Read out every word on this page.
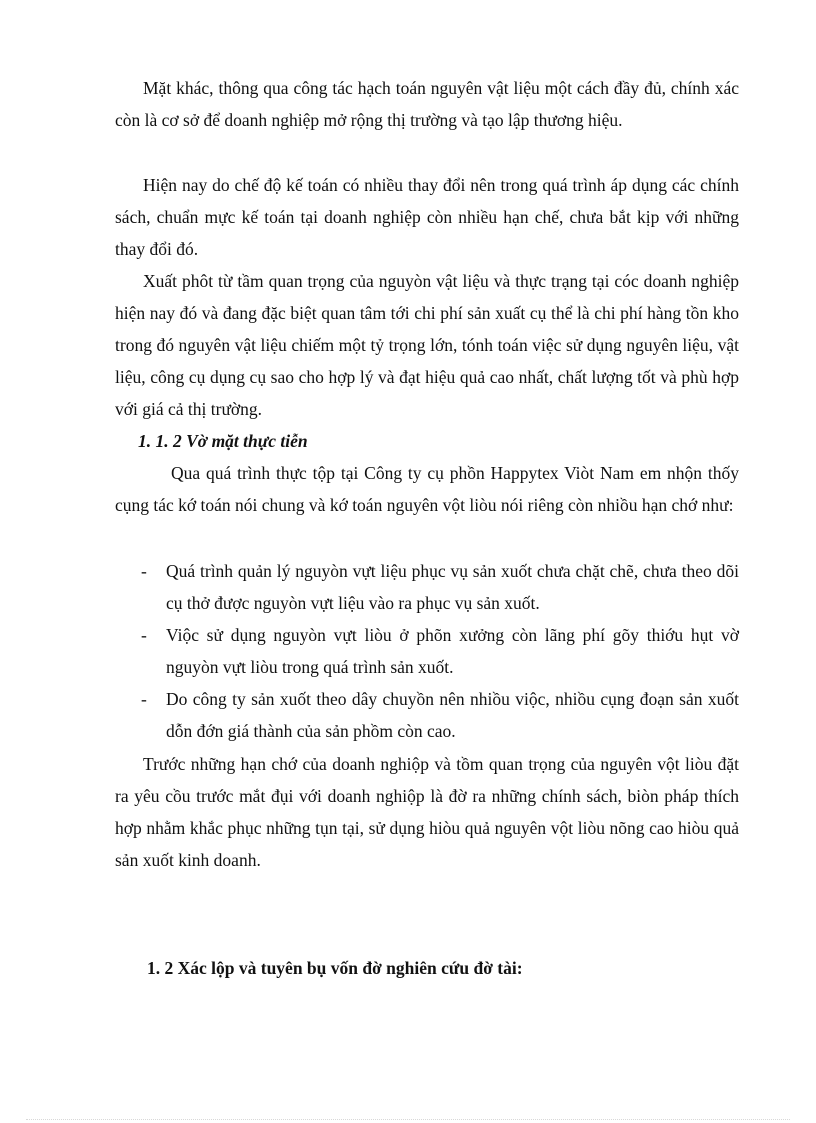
Mặt khác, thông qua công tác hạch toán nguyên vật liệu một cách đầy đủ, chính xác còn là cơ sở để doanh nghiệp mở rộng thị trường và tạo lập thương hiệu.

Hiện nay do chế độ kế toán có nhiều thay đổi nên trong quá trình áp dụng các chính sách, chuẩn mực kế toán tại doanh nghiệp còn nhiều hạn chế, chưa bắt kịp với những thay đổi đó.

Xuất phôt từ tầm quan trọng của nguyòn vật liệu và thực trạng tại cóc doanh nghiệp hiện nay đó và đang đặc biệt quan tâm tới chi phí sản xuất cụ thể là chi phí hàng tồn kho trong đó nguyên vật liệu chiếm một tỷ trọng lớn, tónh toán việc sử dụng nguyên liệu, vật liệu, công cụ dụng cụ sao cho hợp lý và đạt hiệu quả cao nhất, chất lượng tốt và phù hợp với giá cả thị trường.

1. 1. 2 Vờ mặt thực tiễn

Qua quá trình thực tộp tại Công ty cụ phồn Happytex Viòt Nam em nhộn thốy cụng tác kớ toán nói chung và kớ toán nguyên vột liòu nói riêng còn nhiồu hạn chớ như:

- Quá trình quản lý nguyòn vựt liệu phục vụ sản xuốt chưa chặt chẽ, chưa theo dõi cụ thở được nguyòn vựt liệu vào ra phục vụ sản xuốt.
- Viộc sử dụng nguyòn vựt liòu ở phõn xưởng còn lãng phí gõy thiớu hụt vờ nguyòn vựt liòu trong quá trình sản xuốt.
- Do công ty sản xuốt theo dây chuyồn nên nhiồu viộc, nhiồu cụng đoạn sản xuốt dỗn đớn giá thành của sản phồm còn cao.

Trước những hạn chớ của doanh nghiộp và tồm quan trọng của nguyên vột liòu đặt ra yêu cồu trước mắt đụi với doanh nghiộp là đờ ra những chính sách, biòn pháp thích hợp nhằm khắc phục những tụn tại, sử dụng hiòu quả nguyên vột liòu nõng cao hiòu quả sản xuốt kinh doanh.

1. 2 Xác lộp và tuyên bụ vốn đờ nghiên cứu đờ tài:
